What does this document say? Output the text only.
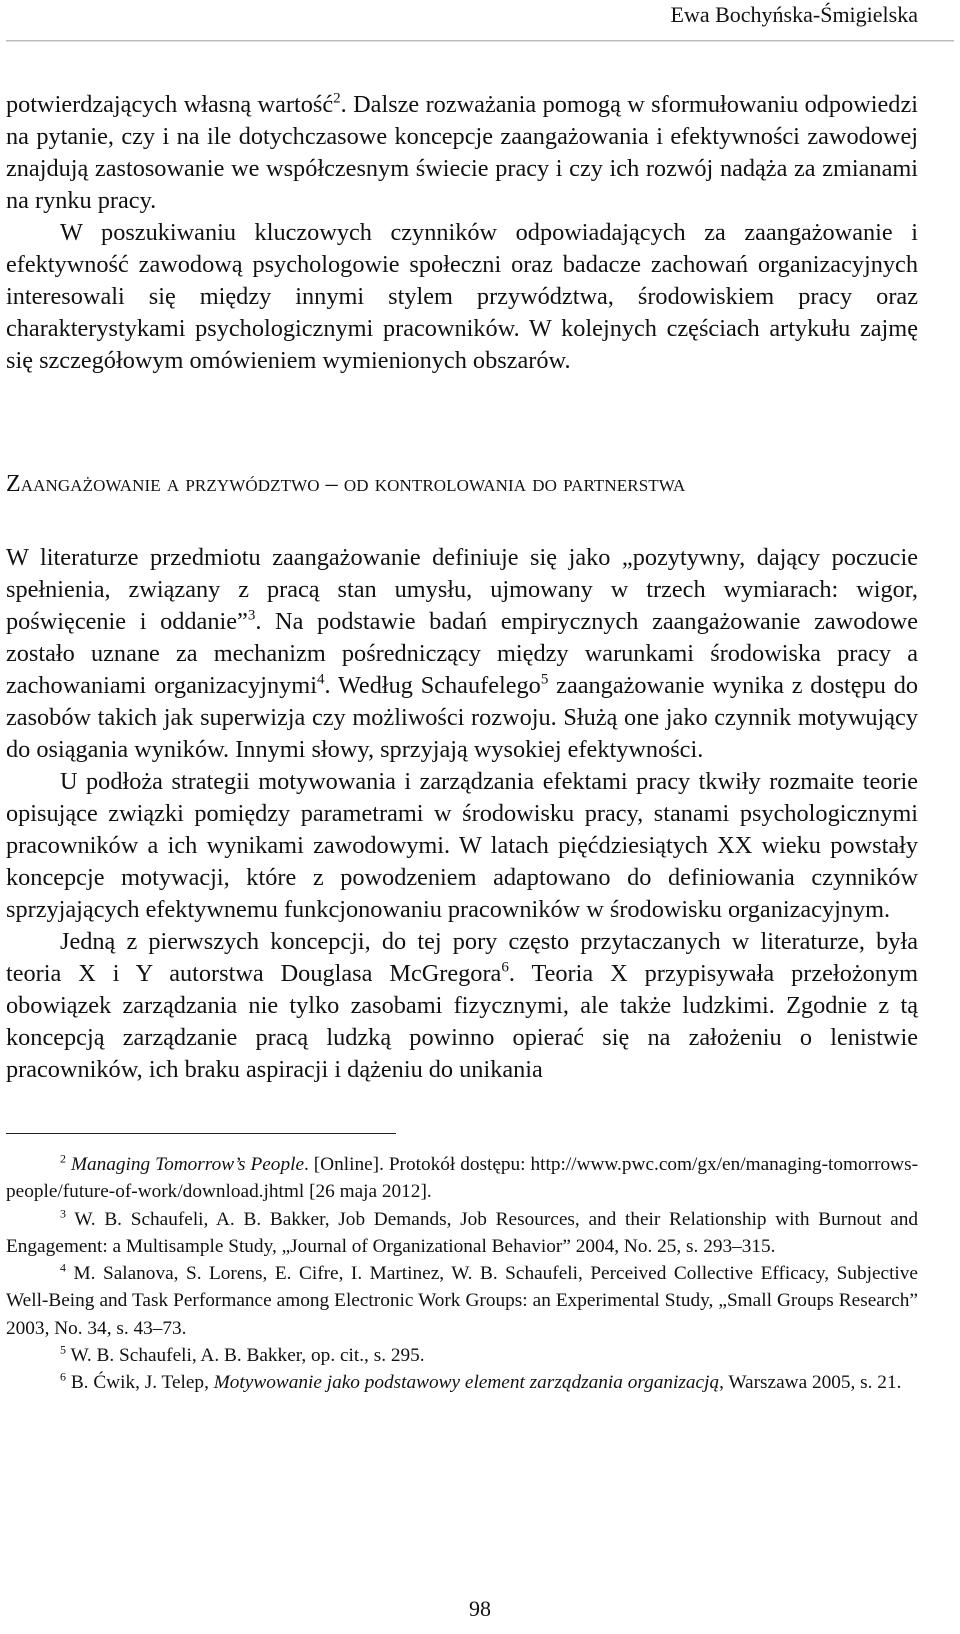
Ewa Bochyńska-Śmigielska

potwierdzających własną wartość$^2$. Dalsze rozważania pomogą w sformułowaniu odpowiedzi na pytanie, czy i na ile dotychczasowe koncepcje zaangażowania i efektywności zawodowej znajdują zastosowanie we współczesnym świecie pracy i czy ich rozwój nadąża za zmianami na rynku pracy.

W poszukiwaniu kluczowych czynników odpowiadających za zaangażowanie i efektywność zawodową psychologowie społeczni oraz badacze zachowań organizacyjnych interesowali się między innymi stylem przywództwa, środowiskiem pracy oraz charakterystykami psychologicznymi pracowników. W kolejnych częściach artykułu zajmę się szczegółowym omówieniem wymienionych obszarów.

Zaangażowanie a przywództwo – od kontrolowania do partnerstwa

W literaturze przedmiotu zaangażowanie definiuje się jako „pozytywny, dający poczucie spełnienia, związany z pracą stan umysłu, ujmowany w trzech wymiarach: wigor, poświęcenie i oddanie”$^3$. Na podstawie badań empirycznych zaangażowanie zawodowe zostało uznane za mechanizm pośredniczący między warunkami środowiska pracy a zachowaniami organizacyjnymi$^4$. Według Schaufelego$^5$ zaangażowanie wynika z dostępu do zasobów takich jak superwizja czy możliwości rozwoju. Służą one jako czynnik motywujący do osiągania wyników. Innymi słowy, sprzyjają wysokiej efektywności.

U podłoża strategii motywowania i zarządzania efektami pracy tkwiły rozmaite teorie opisujące związki pomiędzy parametrami w środowisku pracy, stanami psychologicznymi pracowników a ich wynikami zawodowymi. W latach pięćdziesiątych XX wieku powstały koncepcje motywacji, które z powodzeniem adaptowano do definiowania czynników sprzyjających efektywnemu funkcjonowaniu pracowników w środowisku organizacyjnym.

Jedną z pierwszych koncepcji, do tej pory często przytaczanych w literaturze, była teoria X i Y autorstwa Douglasa McGregora$^6$. Teoria X przypisywała przełożonym obowiązek zarządzania nie tylko zasobami fizycznymi, ale także ludzkimi. Zgodnie z tą koncepcją zarządzanie pracą ludzką powinno opierać się na założeniu o lenistwie pracowników, ich braku aspiracji i dążeniu do unikania

$^2$ Managing Tomorrow’s People. [Online]. Protokół dostępu: http://www.pwc.com/gx/en/managing-tomorrows-people/future-of-work/download.jhtml [26 maja 2012].

$^3$ W. B. Schaufeli, A. B. Bakker, Job Demands, Job Resources, and their Relationship with Burnout and Engagement: a Multisample Study, „Journal of Organizational Behavior” 2004, No. 25, s. 293–315.

$^4$ M. Salanova, S. Lorens, E. Cifre, I. Martinez, W. B. Schaufeli, Perceived Collective Efficacy, Subjective Well-Being and Task Performance among Electronic Work Groups: an Experimental Study, „Small Groups Research” 2003, No. 34, s. 43–73.

$^5$ W. B. Schaufeli, A. B. Bakker, op. cit., s. 295.

$^6$ B. Ćwik, J. Telep, Motywowanie jako podstawowy element zarządzania organizacją, Warszawa 2005, s. 21.

98
